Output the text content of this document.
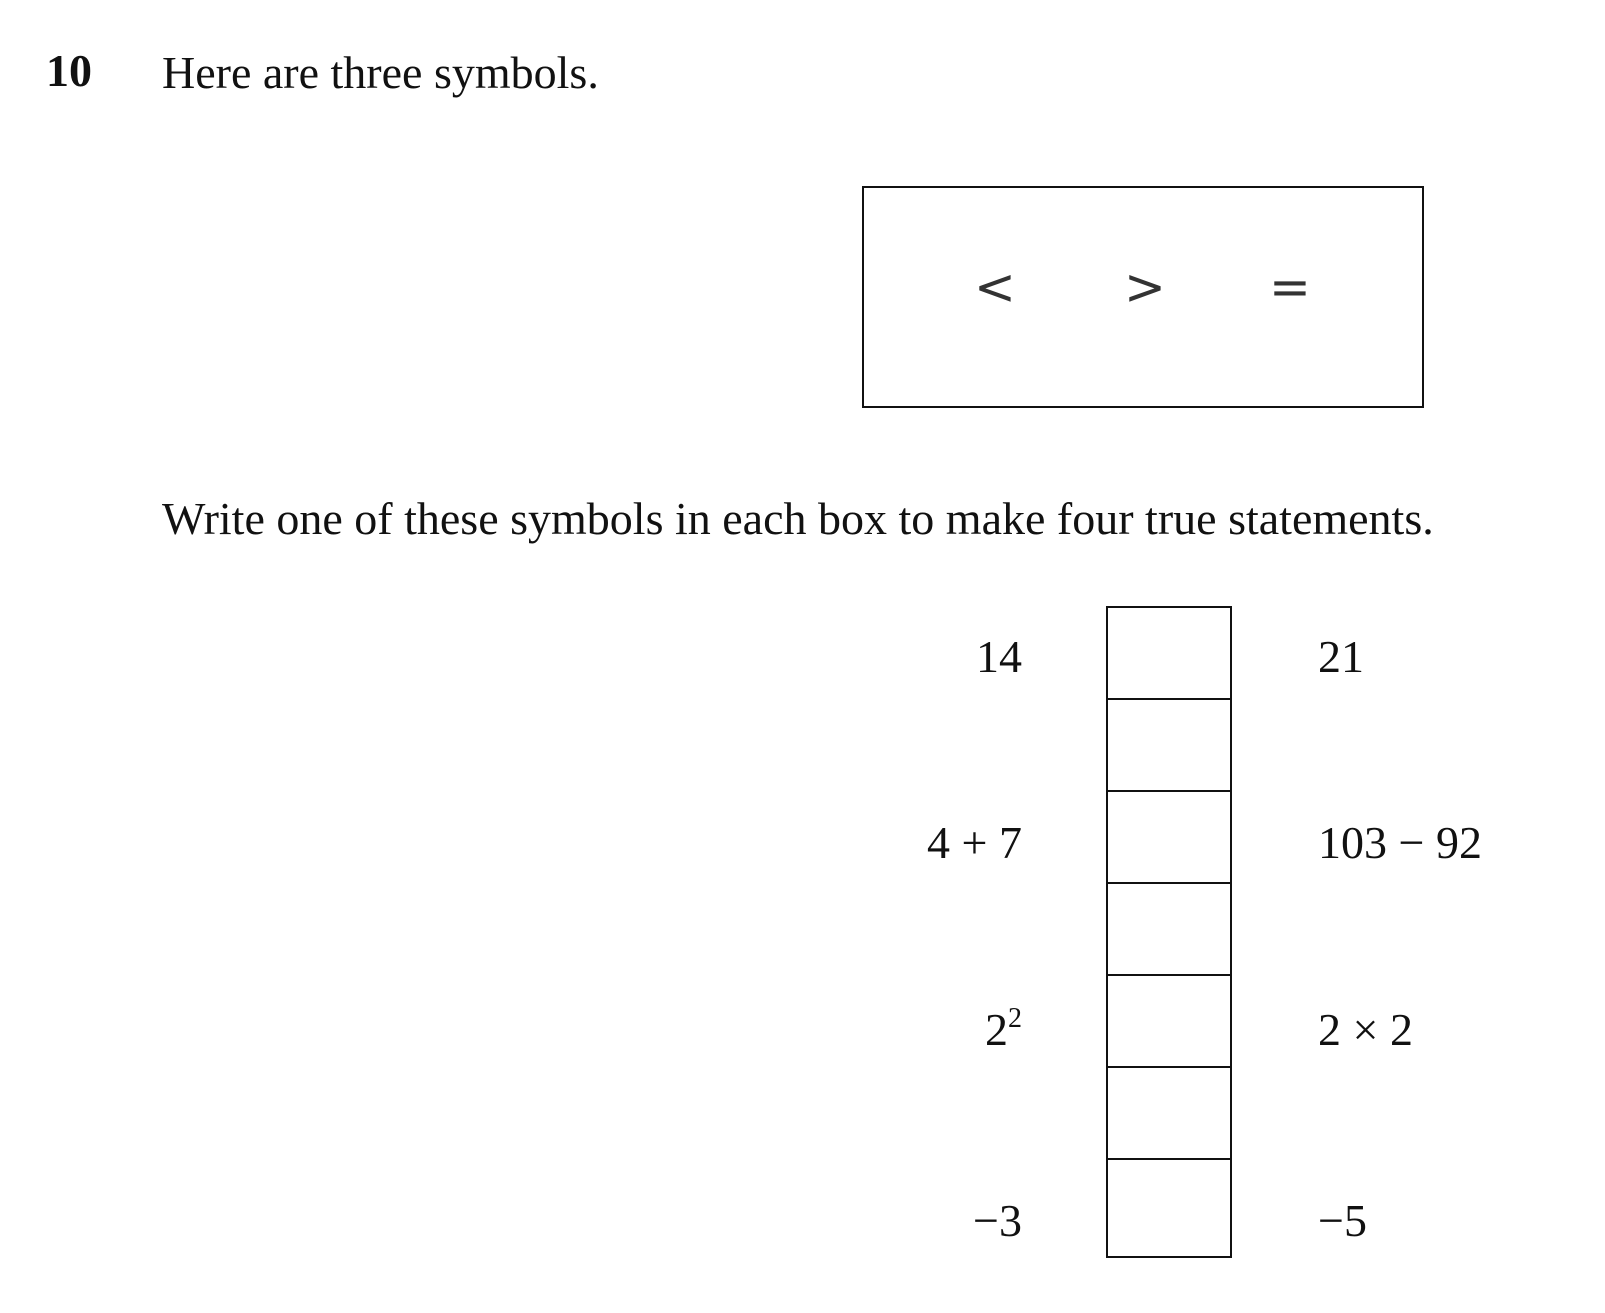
10 Here are three symbols.
< > =
Write one of these symbols in each box to make four true statements.
14	21
4 + 7	103 − 92
$2^2$	2 × 2
−3	−5
